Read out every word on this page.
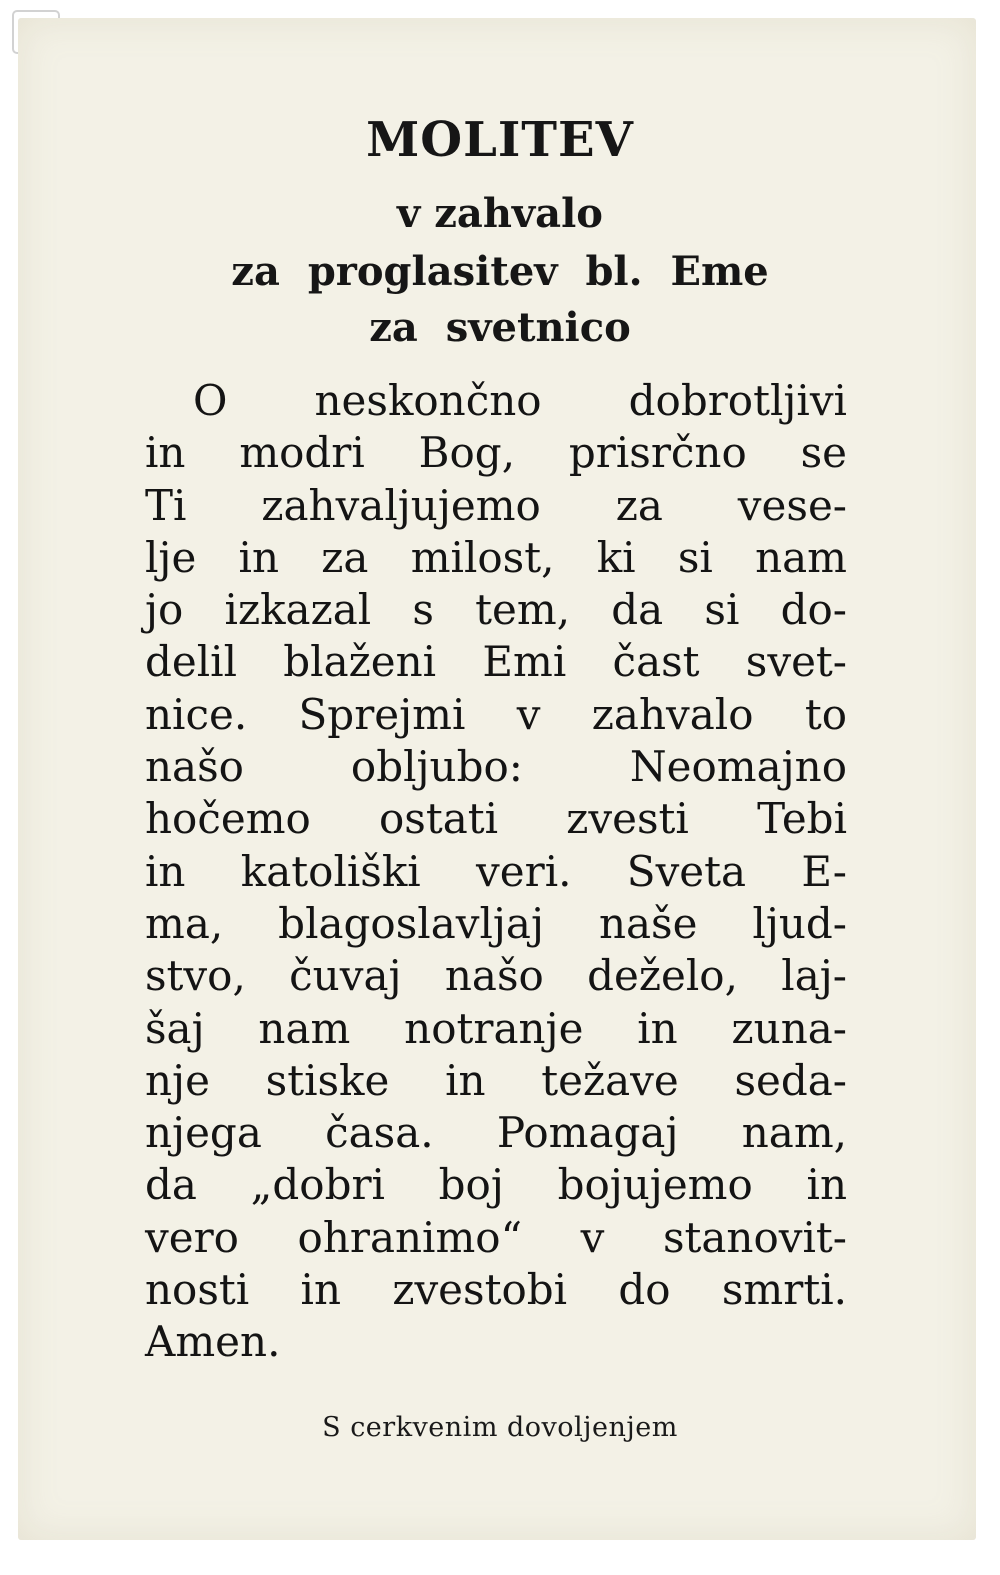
MOLITEV
v zahvalo
za proglasitev bl. Eme
za svetnico
O neskončno dobrotljivi
in modri Bog, prisrčno se
Ti zahvaljujemo za vese-
lje in za milost, ki si nam
jo izkazal s tem, da si do-
delil blaženi Emi čast svet-
nice. Sprejmi v zahvalo to
našo obljubo: Neomajno
hočemo ostati zvesti Tebi
in katoliški veri. Sveta E-
ma, blagoslavljaj naše ljud-
stvo, čuvaj našo deželo, laj-
šaj nam notranje in zuna-
nje stiske in težave seda-
njega časa. Pomagaj nam,
da „dobri boj bojujemo in
vero ohranimo“ v stanovit-
nosti in zvestobi do smrti.
Amen.
S cerkvenim dovoljenjem
